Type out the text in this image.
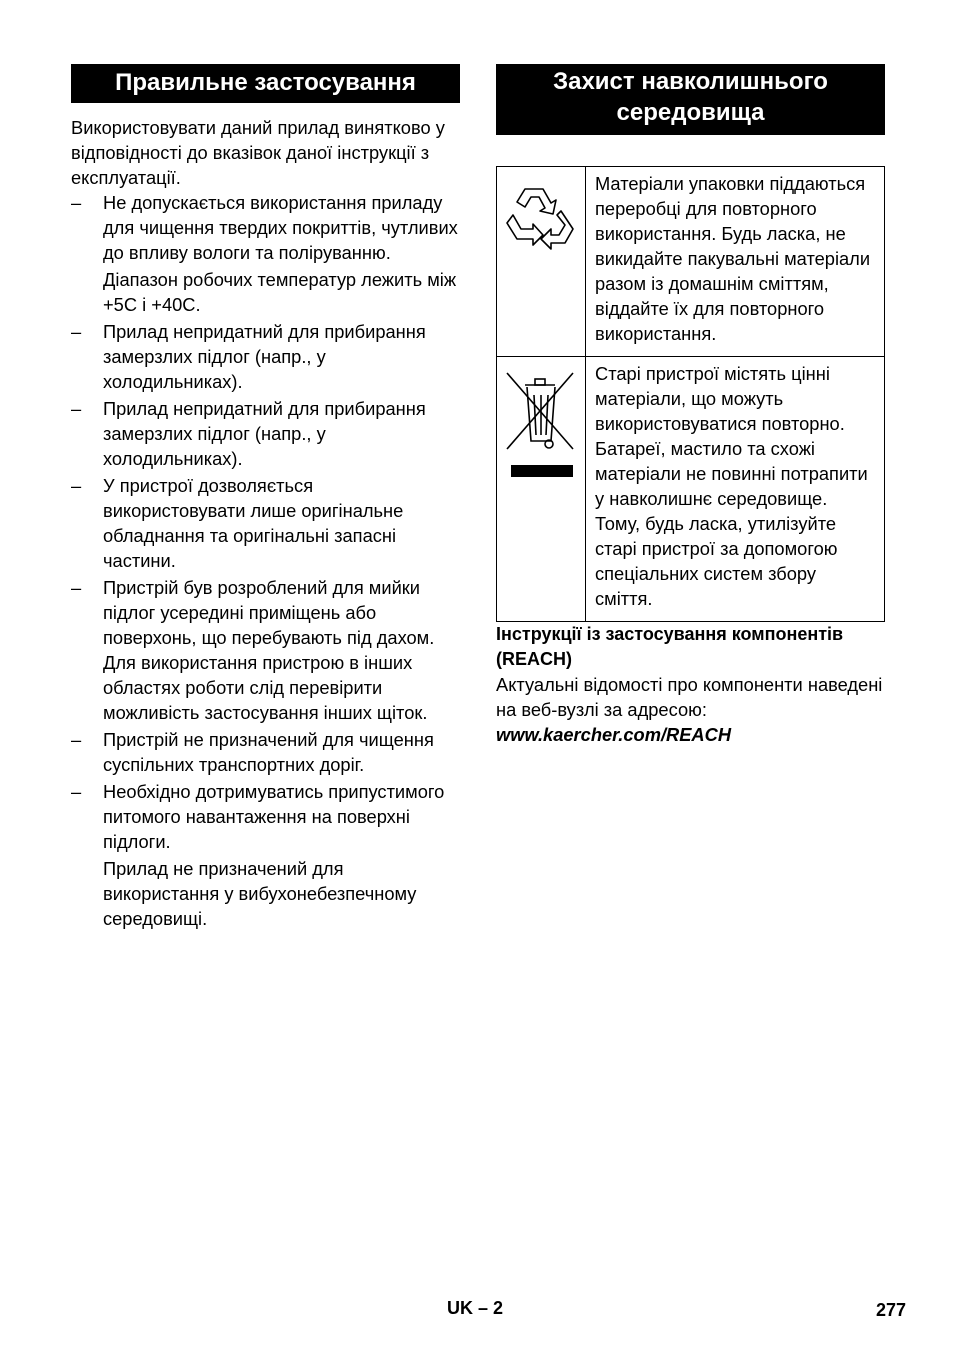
Правильне застосування

Використовувати даний прилад винятково у відповідності до вказівок даної інструкції з експлуатації.

– Не допускається використання приладу для чищення твердих покриттів, чутливих до впливу вологи та поліруванню.

Діапазон робочих температур лежить між +5С і +40С.

– Прилад непридатний для прибирання замерзлих підлог (напр., у холодильниках).
– Прилад непридатний для прибирання замерзлих підлог (напр., у холодильниках).
– У пристрої дозволяється використовувати лише оригінальне обладнання та оригінальні запасні частини.
– Пристрій був розроблений для мийки підлог усередині приміщень або поверхонь, що перебувають під дахом. Для використання пристрою в інших областях роботи слід перевірити можливість застосування інших щіток.
– Пристрій не призначений для чищення суспільних транспортних доріг.
– Необхідно дотримуватись припустимого питомого навантаження на поверхні підлоги.

Прилад не призначений для використання у вибухонебезпечному середовищі.

Захист навколишнього
середовища

Матеріали упаковки піддаються переробці для повторного використання. Будь ласка, не викидайте пакувальні матеріали разом із домашнім сміттям, віддайте їх для повторного використання.

Старі пристрої містять цінні матеріали, що можуть використовуватися повторно. Батареї, мастило та схожі матеріали не повинні потрапити у навколишнє середовище. Тому, будь ласка, утилізуйте старі пристрої за допомогою спеціальних систем збору сміття.

Інструкції із застосування компонентів (REACH)

Актуальні відомості про компоненти наведені на веб-вузлі за адресою:

www.kaercher.com/REACH

UK – 2	277
